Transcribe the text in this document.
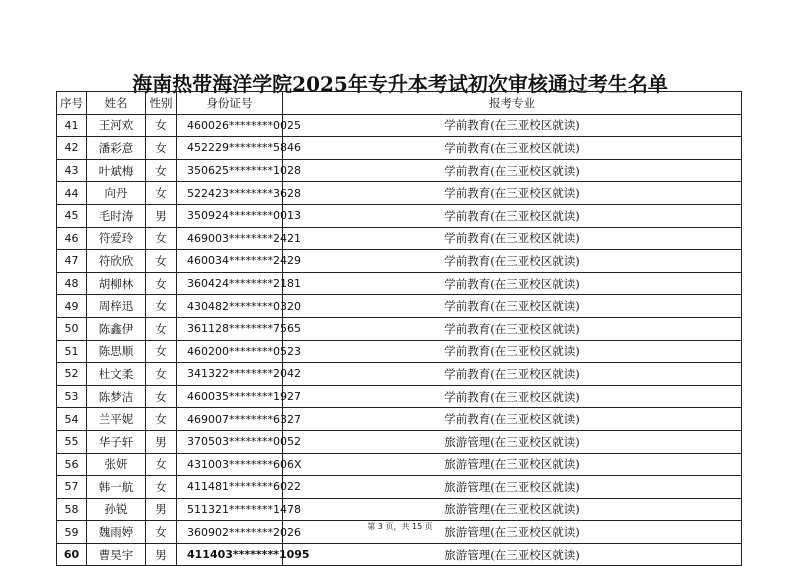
海南热带海洋学院2025年专升本考试初次审核通过考生名单
序号	姓名	性别	身份证号	报考专业
41	王河欢	女	460026********0025	学前教育(在三亚校区就读)
42	潘彩意	女	452229********5846	学前教育(在三亚校区就读)
43	叶斌梅	女	350625********1028	学前教育(在三亚校区就读)
44	向丹	女	522423********3628	学前教育(在三亚校区就读)
45	毛时涛	男	350924********0013	学前教育(在三亚校区就读)
46	符爱玲	女	469003********2421	学前教育(在三亚校区就读)
47	符欣欣	女	460034********2429	学前教育(在三亚校区就读)
48	胡柳林	女	360424********2181	学前教育(在三亚校区就读)
49	周梓迅	女	430482********0320	学前教育(在三亚校区就读)
50	陈鑫伊	女	361128********7565	学前教育(在三亚校区就读)
51	陈思顺	女	460200********0523	学前教育(在三亚校区就读)
52	杜文柔	女	341322********2042	学前教育(在三亚校区就读)
53	陈梦洁	女	460035********1927	学前教育(在三亚校区就读)
54	兰平妮	女	469007********6327	学前教育(在三亚校区就读)
55	华子轩	男	370503********0052	旅游管理(在三亚校区就读)
56	张妍	女	431003********606X	旅游管理(在三亚校区就读)
57	韩一航	女	411481********6022	旅游管理(在三亚校区就读)
58	孙锐	男	511321********1478	旅游管理(在三亚校区就读)
59	魏雨婷	女	360902********2026	旅游管理(在三亚校区就读)
60	曹昊宇	男	411403********1095	旅游管理(在三亚校区就读)
第 3 页，共 15 页
